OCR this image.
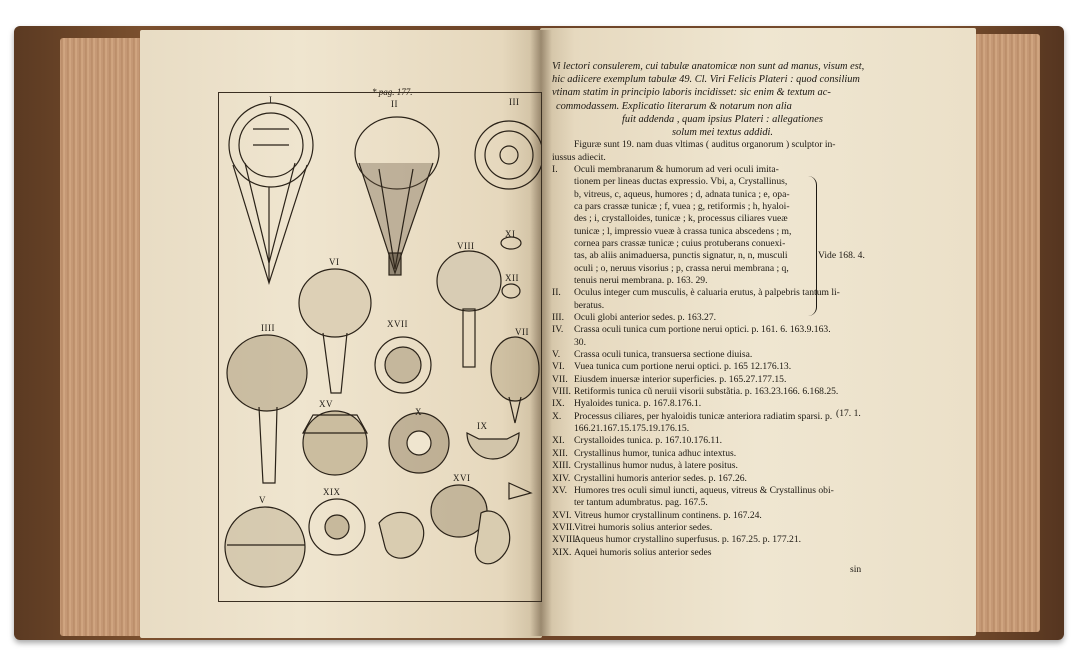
* pag. 177.
I	II	III
VI
VIII
XI
XII
IIII	XVII
VII
XV
X
IX
XVI
V
XIX
Vi lectori consulerem, cui tabulæ anatomicæ non sunt ad manus, visum est,
hic adiicere exemplum tabulæ 49. Cl. Viri Felicis Plateri : quod consilium
vtinam statim in principio laboris incidisset: sic enim & textum ac-
commodassem. Explicatio literarum & notarum non alia
fuit addenda , quam ipsius Plateri : allegationes
solum mei textus addidi.
Figuræ sunt 19. nam duas vltimas ( auditus organorum ) sculptor in-
iussus adiecit.
I. Oculi membranarum & humorum ad veri oculi imita-
tionem per lineas ductas expressio. Vbi, a, Crystallinus,
b, vitreus, c, aqueus, humores ; d, adnata tunica ; e, opa-
ca pars crassæ tunicæ ; f, vuea ; g, retiformis ; h, hyaloi-
des ; i, crystalloides, tunicæ ; k, processus ciliares vueæ
tunicæ ; l, impressio vueæ à crassa tunica abscedens ; m,
cornea pars crassæ tunicæ ; cuius protuberans conuexi-
tas, ab aliis animaduersa, punctis signatur, n, n, musculi
oculi ; o, neruus visorius ; p, crassa nerui membrana ; q,
tenuis nerui membrana. p. 163. 29.
II. Oculus integer cum musculis, è caluaria erutus, à palpebris tantum li-
beratus.
III. Oculi globi anterior sedes. p. 163.27.
IV. Crassa oculi tunica cum portione nerui optici. p. 161. 6. 163.9.163.
30.
V. Crassa oculi tunica, transuersa sectione diuisa.
VI. Vuea tunica cum portione nerui optici. p. 165 12.176.13.
VII. Eiusdem inuersæ interior superficies. p. 165.27.177.15.
VIII. Retiformis tunica cũ neruii visorii substãtia. p. 163.23.166. 6.168.25.
IX. Hyaloides tunica. p. 167.8.176.1.
X. Processus ciliares, per hyaloidis tunicæ anteriora radiatim sparsi. p.
166.21.167.15.175.19.176.15.
XI. Crystalloides tunica. p. 167.10.176.11.
XII. Crystallinus humor, tunica adhuc intextus.
XIII. Crystallinus humor nudus, à latere positus.
XIV. Crystallini humoris anterior sedes. p. 167.26.
XV. Humores tres oculi simul iuncti, aqueus, vitreus & Crystallinus obi-
ter tantum adumbratus. pag. 167.5.
XVI. Vitreus humor crystallinum continens. p. 167.24.
XVII.Vitrei humoris solius anterior sedes.
XVIII.Aqueus humor crystallino superfusus. p. 167.25. p. 177.21.
XIX. Aquei humoris solius anterior sedes
Vide 168. 4.
(17. 1.
sin
